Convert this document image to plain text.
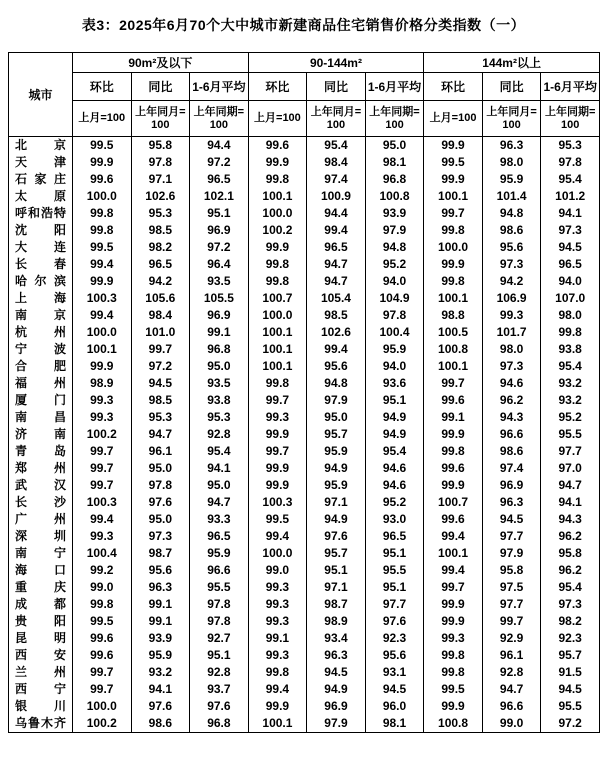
表3：2025年6月70个大中城市新建商品住宅销售价格分类指数（一）
城市	90m²及以下			90-144m²			144m²以上		
	环比	同比	1-6月平均	环比	同比	1-6月平均	环比	同比	1-6月平均
	上月=100	上年同月=100	上年同期=100	上月=100	上年同月=100	上年同期=100	上月=100	上年同月=100	上年同期=100
北京	99.5	95.8	94.4	99.6	95.4	95.0	99.9	96.3	95.3
天津	99.9	97.8	97.2	99.9	98.4	98.1	99.5	98.0	97.8
石家庄	99.6	97.1	96.5	99.8	97.4	96.8	99.9	95.9	95.4
太原	100.0	102.6	102.1	100.1	100.9	100.8	100.1	101.4	101.2
呼和浩特	99.8	95.3	95.1	100.0	94.4	93.9	99.7	94.8	94.1
沈阳	99.8	98.5	96.9	100.2	99.4	97.9	99.8	98.6	97.3
大连	99.5	98.2	97.2	99.9	96.5	94.8	100.0	95.6	94.5
长春	99.4	96.5	96.4	99.8	94.7	95.2	99.9	97.3	96.5
哈尔滨	99.9	94.2	93.5	99.8	94.7	94.0	99.8	94.2	94.0
上海	100.3	105.6	105.5	100.7	105.4	104.9	100.1	106.9	107.0
南京	99.4	98.4	96.9	100.0	98.5	97.8	98.8	99.3	98.0
杭州	100.0	101.0	99.1	100.1	102.6	100.4	100.5	101.7	99.8
宁波	100.1	99.7	96.8	100.1	99.4	95.9	100.8	98.0	93.8
合肥	99.9	97.2	95.0	100.1	95.6	94.0	100.1	97.3	95.4
福州	98.9	94.5	93.5	99.8	94.8	93.6	99.7	94.6	93.2
厦门	99.3	98.5	93.8	99.7	97.9	95.1	99.6	96.2	93.2
南昌	99.3	95.3	95.3	99.3	95.0	94.9	99.1	94.3	95.2
济南	100.2	94.7	92.8	99.9	95.7	94.9	99.9	96.6	95.5
青岛	99.7	96.1	95.4	99.7	95.9	95.4	99.8	98.6	97.7
郑州	99.7	95.0	94.1	99.9	94.9	94.6	99.6	97.4	97.0
武汉	99.7	97.8	95.0	99.9	95.9	94.6	99.9	96.9	94.7
长沙	100.3	97.6	94.7	100.3	97.1	95.2	100.7	96.3	94.1
广州	99.4	95.0	93.3	99.5	94.9	93.0	99.6	94.5	94.3
深圳	99.3	97.3	96.5	99.4	97.6	96.5	99.4	97.7	96.2
南宁	100.4	98.7	95.9	100.0	95.7	95.1	100.1	97.9	95.8
海口	99.2	95.6	96.6	99.0	95.1	95.5	99.4	95.8	96.2
重庆	99.0	96.3	95.5	99.3	97.1	95.1	99.7	97.5	95.4
成都	99.8	99.1	97.8	99.3	98.7	97.7	99.9	97.7	97.3
贵阳	99.5	99.1	97.8	99.3	98.9	97.6	99.9	99.7	98.2
昆明	99.6	93.9	92.7	99.1	93.4	92.3	99.3	92.9	92.3
西安	99.6	95.9	95.1	99.3	96.3	95.6	99.8	96.1	95.7
兰州	99.7	93.2	92.8	99.8	94.5	93.1	99.8	92.8	91.5
西宁	99.7	94.1	93.7	99.4	94.9	94.5	99.5	94.7	94.5
银川	100.0	97.6	97.6	99.9	96.9	96.0	99.9	96.6	95.5
乌鲁木齐	100.2	98.6	96.8	100.1	97.9	98.1	100.8	99.0	97.2
